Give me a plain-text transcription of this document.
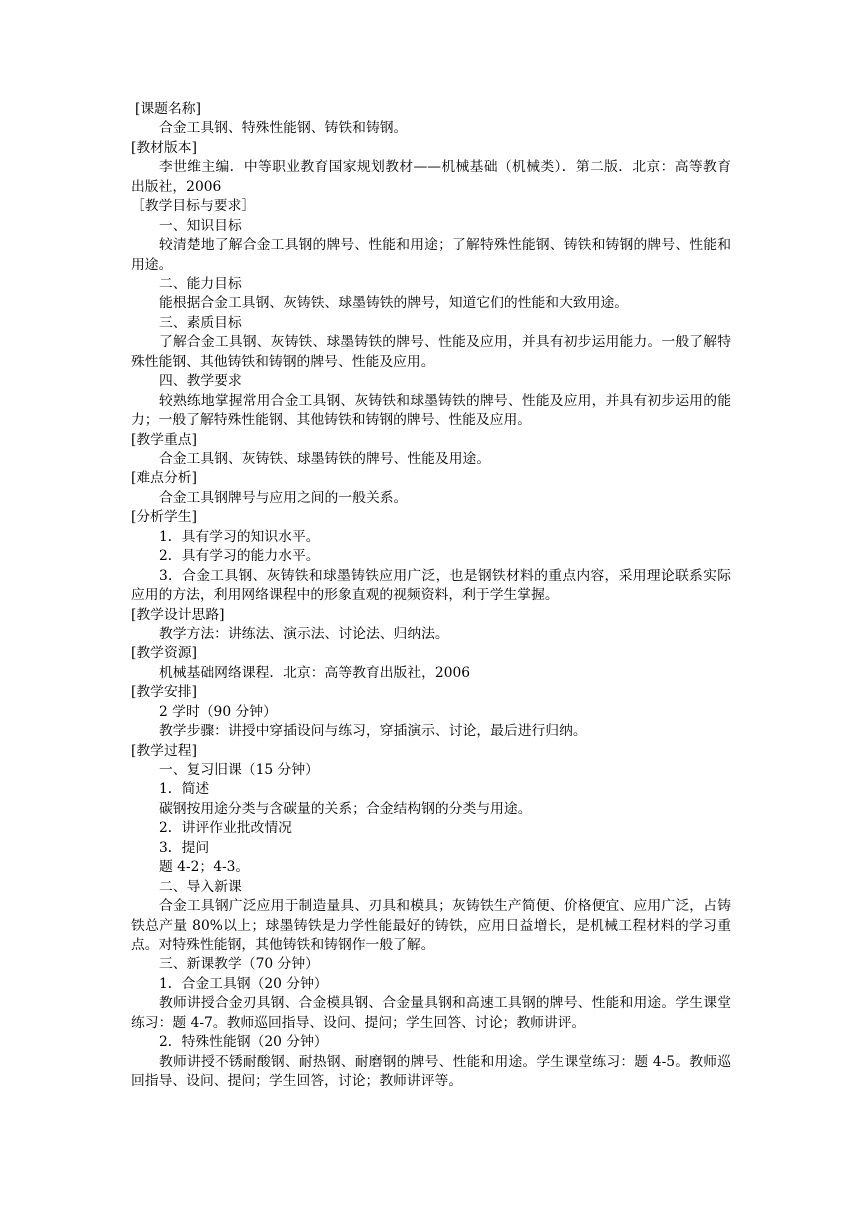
[课题名称]
合金工具钢、特殊性能钢、铸铁和铸钢。
[教材版本]
李世维主编．中等职业教育国家规划教材——机械基础（机械类）．第二版．北京：高等教育出版社，2006
［教学目标与要求］
一、知识目标
较清楚地了解合金工具钢的牌号、性能和用途；了解特殊性能钢、铸铁和铸钢的牌号、性能和用途。
二、能力目标
能根据合金工具钢、灰铸铁、球墨铸铁的牌号，知道它们的性能和大致用途。
三、素质目标
了解合金工具钢、灰铸铁、球墨铸铁的牌号、性能及应用，并具有初步运用能力。一般了解特殊性能钢、其他铸铁和铸钢的牌号、性能及应用。
四、教学要求
较熟练地掌握常用合金工具钢、灰铸铁和球墨铸铁的牌号、性能及应用，并具有初步运用的能力；一般了解特殊性能钢、其他铸铁和铸钢的牌号、性能及应用。
[教学重点]
合金工具钢、灰铸铁、球墨铸铁的牌号、性能及用途。
[难点分析]
合金工具钢牌号与应用之间的一般关系。
[分析学生]
1．具有学习的知识水平。
2．具有学习的能力水平。
3．合金工具钢、灰铸铁和球墨铸铁应用广泛，也是钢铁材料的重点内容，采用理论联系实际应用的方法，利用网络课程中的形象直观的视频资料，利于学生掌握。
[教学设计思路]
教学方法：讲练法、演示法、讨论法、归纳法。
[教学资源]
机械基础网络课程．北京：高等教育出版社，2006
[教学安排]
2 学时（90 分钟）
教学步骤：讲授中穿插设问与练习，穿插演示、讨论，最后进行归纳。
[教学过程]
一、复习旧课（15 分钟）
1．简述
碳钢按用途分类与含碳量的关系；合金结构钢的分类与用途。
2．讲评作业批改情况
3．提问
题 4-2；4-3。
二、导入新课
合金工具钢广泛应用于制造量具、刃具和模具；灰铸铁生产简便、价格便宜、应用广泛，占铸铁总产量 80%以上；球墨铸铁是力学性能最好的铸铁，应用日益增长，是机械工程材料的学习重点。对特殊性能钢，其他铸铁和铸钢作一般了解。
三、新课教学（70 分钟）
1．合金工具钢（20 分钟）
教师讲授合金刃具钢、合金模具钢、合金量具钢和高速工具钢的牌号、性能和用途。学生课堂练习：题 4-7。教师巡回指导、设问、提问；学生回答、讨论；教师讲评。
2．特殊性能钢（20 分钟）
教师讲授不锈耐酸钢、耐热钢、耐磨钢的牌号、性能和用途。学生课堂练习：题 4-5。教师巡回指导、设问、提问；学生回答，讨论；教师讲评等。
